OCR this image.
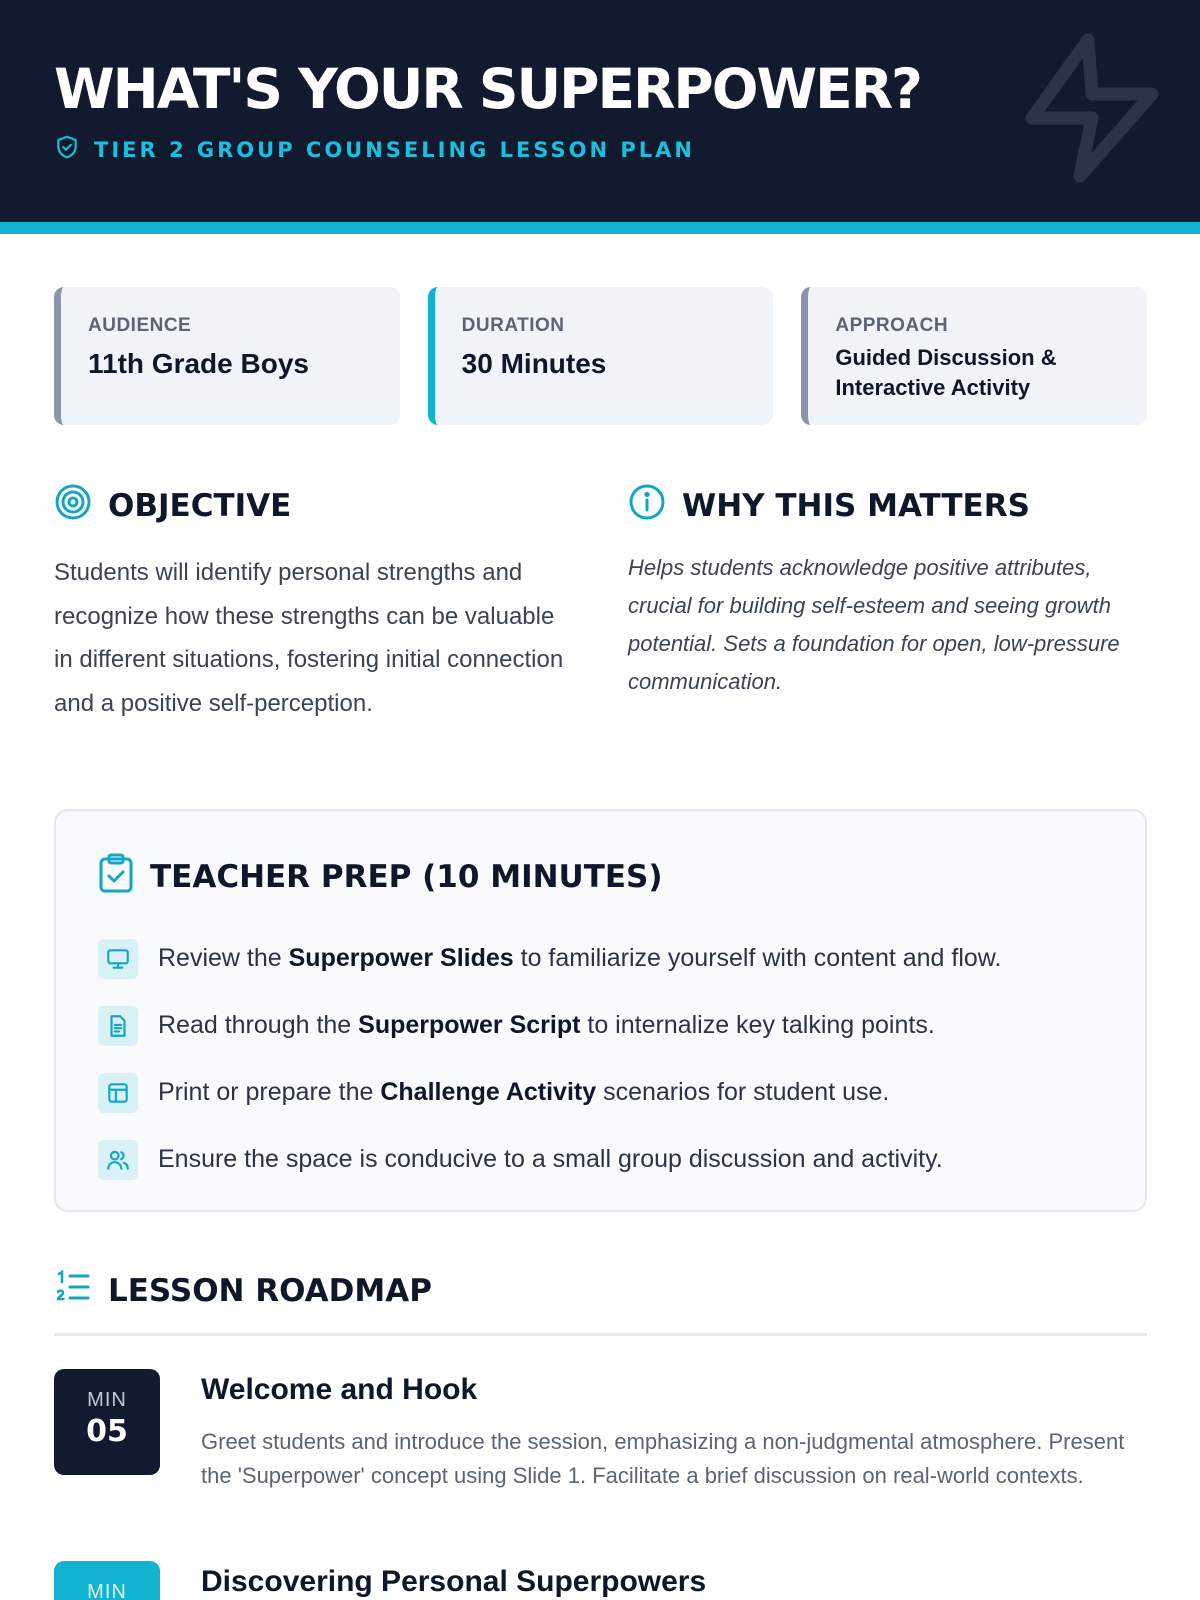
WHAT'S YOUR SUPERPOWER?
TIER 2 GROUP COUNSELING LESSON PLAN
AUDIENCE
11th Grade Boys
DURATION
30 Minutes
APPROACH
Guided Discussion & Interactive Activity
OBJECTIVE

Students will identify personal strengths and recognize how these strengths can be valuable in different situations, fostering initial connection and a positive self-perception.

WHY THIS MATTERS

Helps students acknowledge positive attributes, crucial for building self-esteem and seeing growth potential. Sets a foundation for open, low-pressure communication.

TEACHER PREP (10 MINUTES)
Review the Superpower Slides to familiarize yourself with content and flow.
Read through the Superpower Script to internalize key talking points.
Print or prepare the Challenge Activity scenarios for student use.
Ensure the space is conducive to a small group discussion and activity.
LESSON ROADMAP
MIN
05
Welcome and Hook

Greet students and introduce the session, emphasizing a non-judgmental atmosphere. Present the 'Superpower' concept using Slide 1. Facilitate a brief discussion on real-world contexts.

MIN	Discovering Personal Superpowers
